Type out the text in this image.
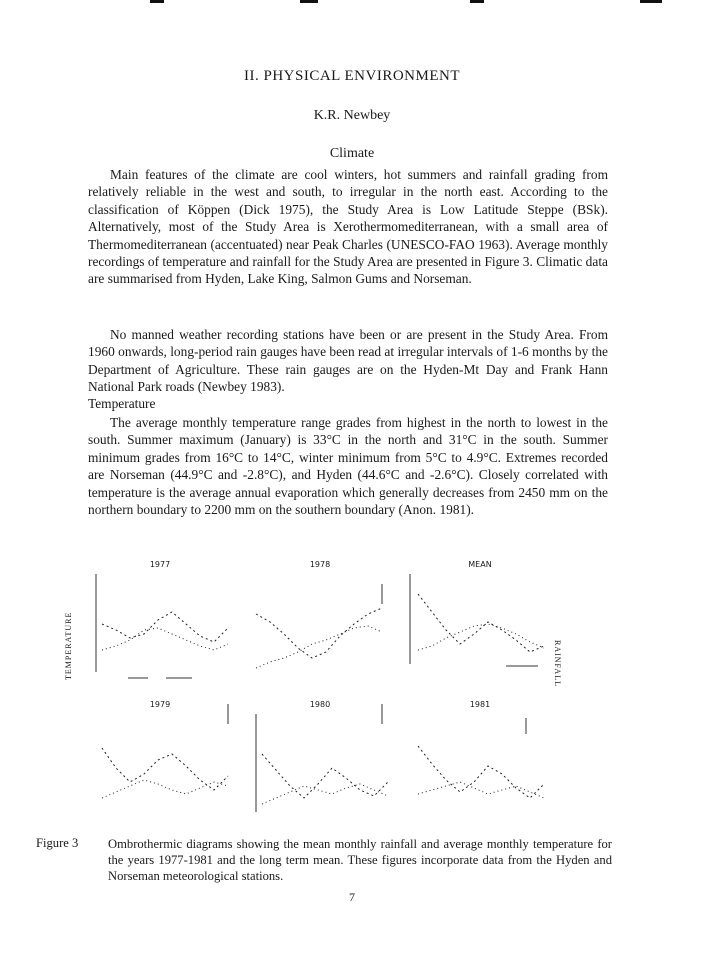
II. PHYSICAL ENVIRONMENT
K.R. Newbey
Climate

Main features of the climate are cool winters, hot summers and rainfall grading from relatively reliable in the west and south, to irregular in the north east. According to the classification of Köppen (Dick 1975), the Study Area is Low Latitude Steppe (BSk). Alternatively, most of the Study Area is Xerothermomediterranean, with a small area of Thermomediterranean (accentuated) near Peak Charles (UNESCO-FAO 1963). Average monthly recordings of temperature and rainfall for the Study Area are presented in Figure 3. Climatic data are summarised from Hyden, Lake King, Salmon Gums and Norseman.

No manned weather recording stations have been or are present in the Study Area. From 1960 onwards, long-period rain gauges have been read at irregular intervals of 1-6 months by the Department of Agriculture. These rain gauges are on the Hyden-Mt Day and Frank Hann National Park roads (Newbey 1983).

Temperature

The average monthly temperature range grades from highest in the north to lowest in the south. Summer maximum (January) is 33°C in the north and 31°C in the south. Summer minimum grades from 16°C to 14°C, winter minimum from 5°C to 4.9°C. Extremes recorded are Norseman (44.9°C and -2.8°C), and Hyden (44.6°C and -2.6°C). Closely correlated with temperature is the average annual evaporation which generally decreases from 2450 mm on the northern boundary to 2200 mm on the southern boundary (Anon. 1981).

TEMPERATURE	RAINFALL
1977	1978	MEAN
1979	1980	1981
Figure 3 Ombrothermic diagrams showing the mean monthly rainfall and average monthly temperature for the years 1977-1981 and the long term mean. These figures incorporate data from the Hyden and Norseman meteorological stations.

7
